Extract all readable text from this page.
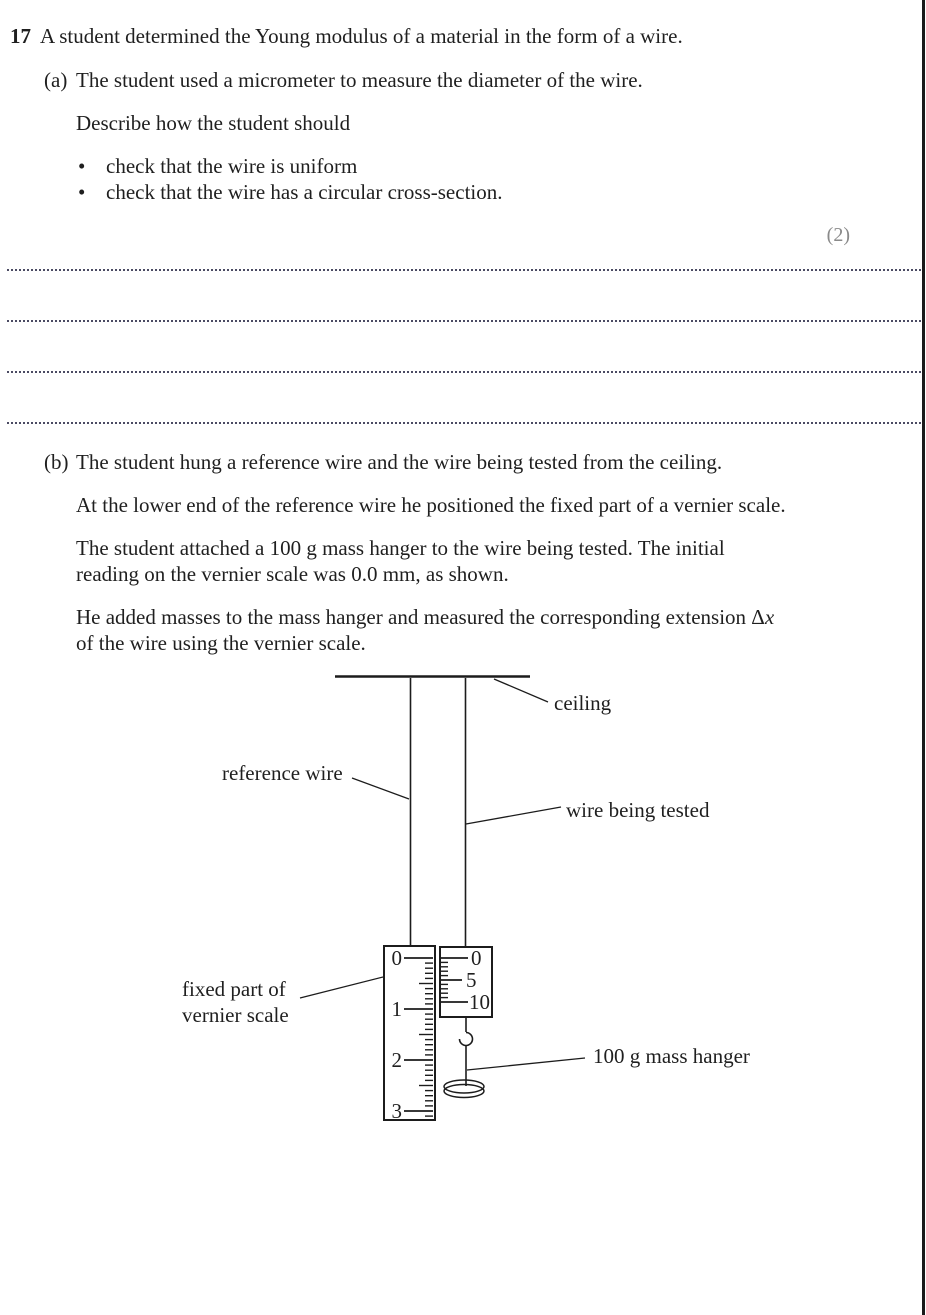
17 A student determined the Young modulus of a material in the form of a wire.
(a) The student used a micrometer to measure the diameter of the wire.
Describe how the student should
• check that the wire is uniform
• check that the wire has a circular cross-section.
(2)
(b) The student hung a reference wire and the wire being tested from the ceiling.
At the lower end of the reference wire he positioned the fixed part of a vernier scale.
The student attached a 100 g mass hanger to the wire being tested. The initial
reading on the vernier scale was 0.0 mm, as shown.
He added masses to the mass hanger and measured the corresponding extension Δx
of the wire using the vernier scale.
ceiling
reference wire
wire being tested
fixed part of
vernier scale
100 g mass hanger
0
1
2
3
0
5
10
